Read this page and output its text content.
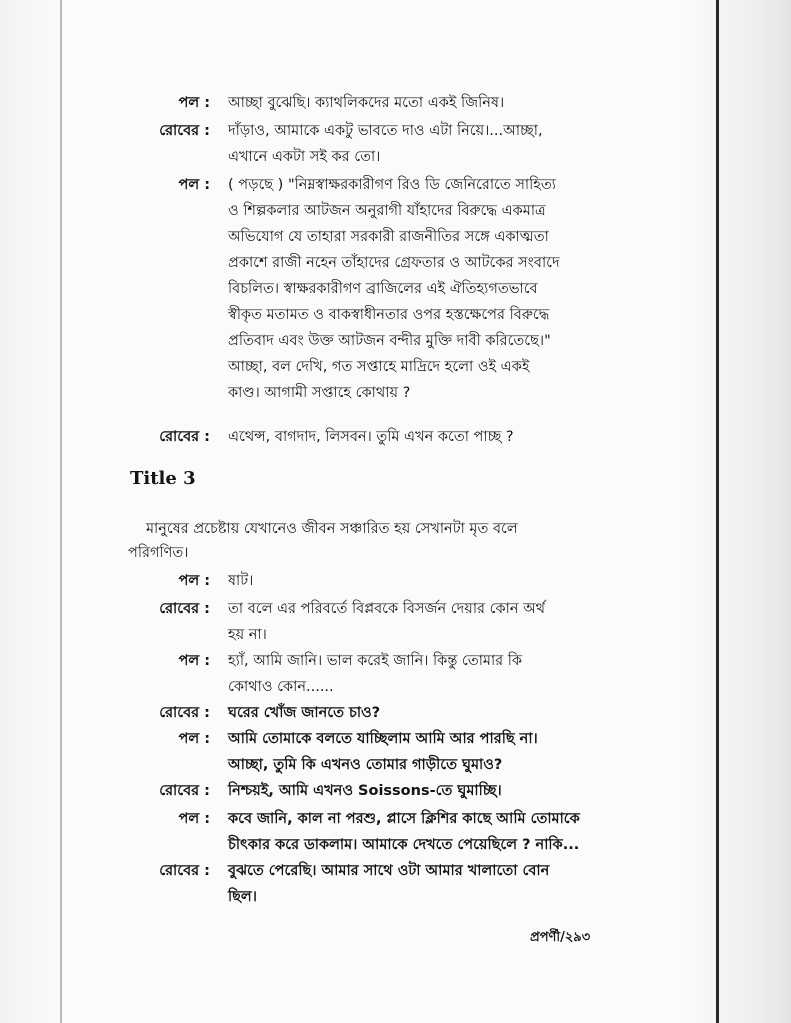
পল : আচ্ছা বুঝেছি। ক্যাথলিকদের মতো একই জিনিষ।
রোবের : দাঁড়াও, আমাকে একটু ভাবতে দাও এটা নিয়ে।...আচ্ছা,
এখানে একটা সই কর তো।
পল : ( পড়ছে ) "নিম্নস্বাক্ষরকারীগণ রিও ডি জেনিরোতে সাহিত্য
ও শিল্পকলার আটজন অনুরাগী যাঁহাদের বিরুদ্ধে একমাত্র
অভিযোগ যে তাহারা সরকারী রাজনীতির সঙ্গে একাত্মতা
প্রকাশে রাজী নহেন তাঁহাদের গ্রেফতার ও আটকের সংবাদে
বিচলিত। স্বাক্ষরকারীগণ ব্রাজিলের এই ঐতিহ্যগতভাবে
স্বীকৃত মতামত ও বাকস্বাধীনতার ওপর হস্তক্ষেপের বিরুদ্ধে
প্রতিবাদ এবং উক্ত আটজন বন্দীর মুক্তি দাবী করিতেছে।"
আচ্ছা, বল দেখি, গত সপ্তাহে মাদ্রিদে হলো ওই একই
কাণ্ড। আগামী সপ্তাহে কোথায় ?
রোবের : এথেন্স, বাগদাদ, লিসবন। তুমি এখন কতো পাচ্ছ ?
Title 3
মানুষের প্রচেষ্টায় যেখানেও জীবন সঞ্চারিত হয় সেখানটা মৃত বলে
পরিগণিত।
পল : ষাট।
রোবের : তা বলে এর পরিবর্তে বিপ্লবকে বিসর্জন দেয়ার কোন অর্থ
হয় না।
পল : হ্যাঁ, আমি জানি। ভাল করেই জানি। কিন্তু তোমার কি
কোথাও কোন......
রোবের : ঘরের খোঁজ জানতে চাও?
পল : আমি তোমাকে বলতে যাচ্ছিলাম আমি আর পারছি না।
আচ্ছা, তুমি কি এখনও তোমার গাড়ীতে ঘুমাও?
রোবের : নিশ্চয়ই, আমি এখনও Soissons-তে ঘুমাচ্ছি।
পল : কবে জানি, কাল না পরশু, প্লাসে ক্লিশির কাছে আমি তোমাকে
চীৎকার করে ডাকলাম। আমাকে দেখতে পেয়েছিলে ? নাকি...
রোবের : বুঝতে পেরেছি। আমার সাথে ওটা আমার খালাতো বোন
ছিল।
প্রপর্ণী/২৯৩
